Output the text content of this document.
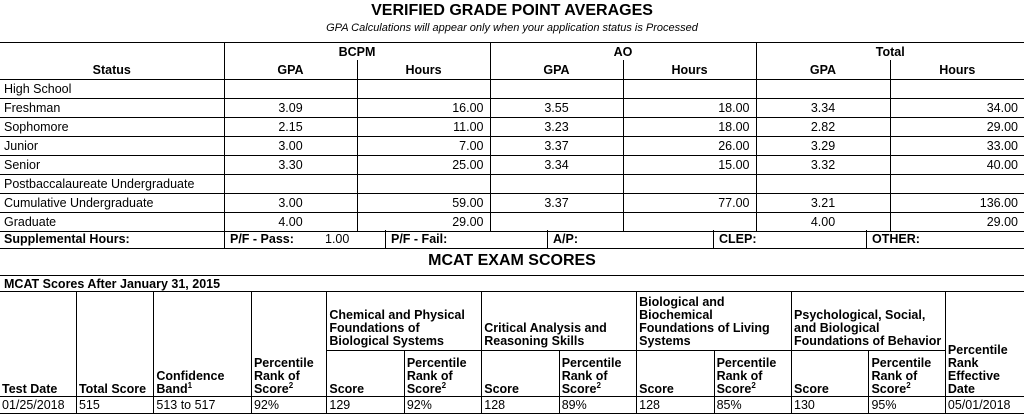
VERIFIED GRADE POINT AVERAGES
GPA Calculations will appear only when your application status is Processed
	BCPM		AO		Total	
Status	GPA	Hours	GPA	Hours	GPA	Hours
High School						
Freshman	3.09	16.00	3.55	18.00	3.34	34.00
Sophomore	2.15	11.00	3.23	18.00	2.82	29.00
Junior	3.00	7.00	3.37	26.00	3.29	33.00
Senior	3.30	25.00	3.34	15.00	3.32	40.00
Postbaccalaureate Undergraduate						
Cumulative Undergraduate	3.00	59.00	3.37	77.00	3.21	136.00
Graduate	4.00	29.00			4.00	29.00
Supplemental Hours:	P/F - Pass: 1.00	P/F - Fail:	A/P:	CLEP:	OTHER:
MCAT EXAM SCORES
MCAT Scores After January 31, 2015
Test Date	Total Score	Confidence Band$^1$	Percentile Rank of Score$^2$	Chemical and Physical Foundations of Biological Systems		Critical Analysis and Reasoning Skills		Biological and Biochemical Foundations of Living Systems		Psychological, Social, and Biological Foundations of Behavior		Percentile Rank Effective Date
				Score	Percentile Rank of Score$^2$	Score	Percentile Rank of Score$^2$	Score	Percentile Rank of Score$^2$	Score	Percentile Rank of Score$^2$
01/25/2018	515	513 to 517	92%	129	92%	128	89%	128	85%	130	95%	05/01/2018
